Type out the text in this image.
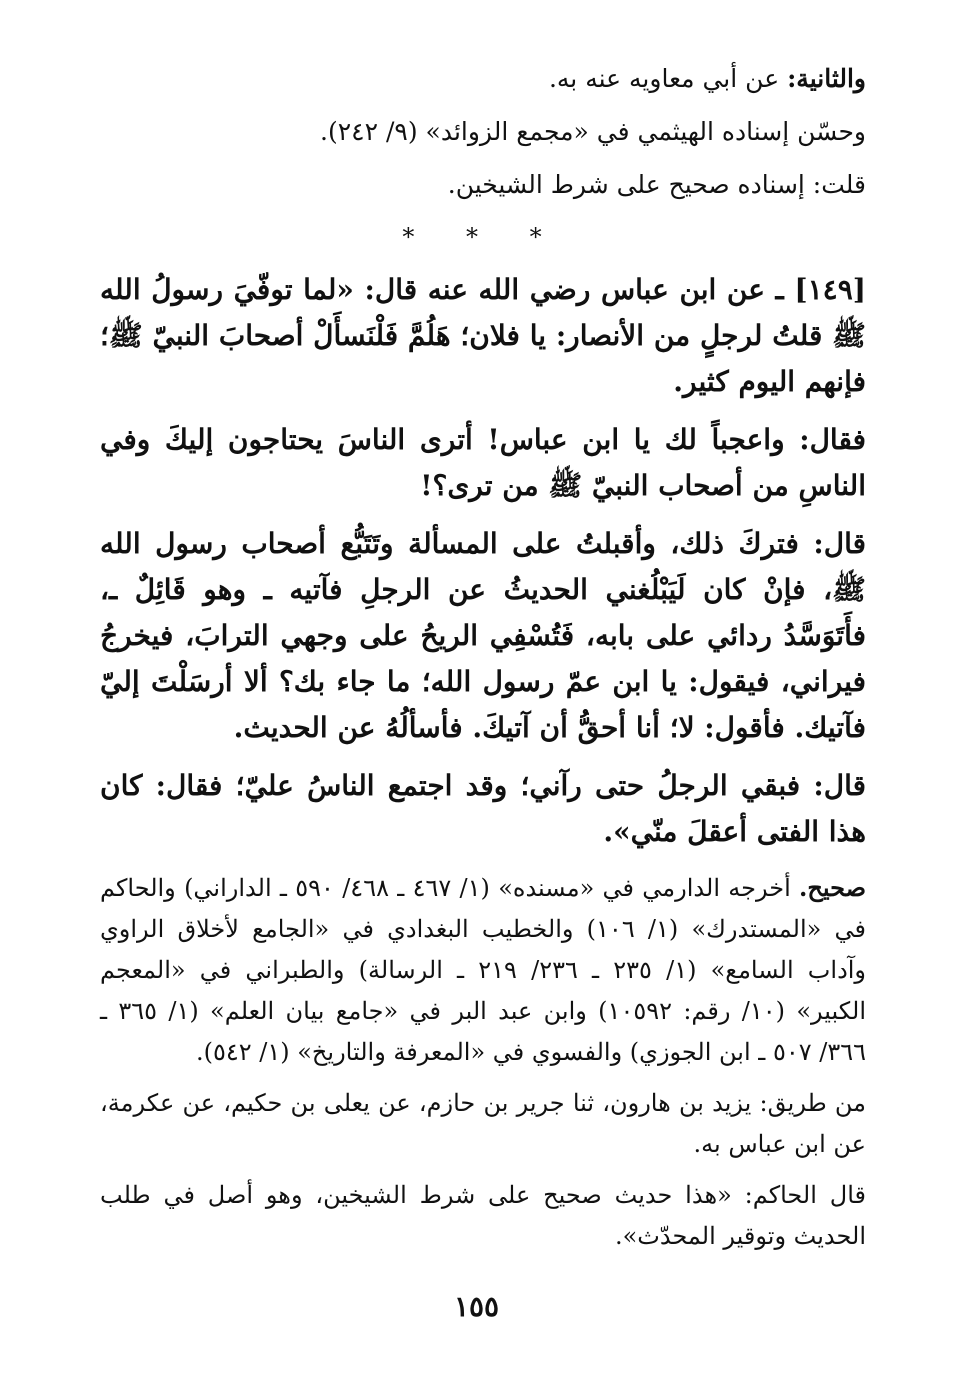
والثانية: عن أبي معاويه عنه به.

وحسّن إسناده الهيثمي في «مجمع الزوائد» (٩/ ٢٤٢).

قلت: إسناده صحيح على شرط الشيخين.

* * *

[١٤٩] ـ عن ابن عباس رضي الله عنه قال: «لما توفّيَ رسولُ الله ﷺ قلتُ لرجلٍ من الأنصار: يا فلان؛ هَلُمَّ فَلْنَسأَلْ أصحابَ النبيّ ﷺ؛ فإنهم اليوم كثير.

فقال: واعجباً لك يا ابن عباس! أترى الناسَ يحتاجون إليكَ وفي الناسِ من أصحاب النبيّ ﷺ من ترى؟!

قال: فتركَ ذلك، وأقبلتُ على المسألة وتَتَبُّع أصحاب رسول الله ﷺ، فإنْ كان لَيَبْلُغني الحديثُ عن الرجلِ فآتيه ـ وهو قَائِلٌ ـ، فأَتَوَسَّدُ ردائي على بابه، فَتُسْفِي الريحُ على وجهي الترابَ، فيخرجُ فيراني، فيقول: يا ابن عمّ رسول الله؛ ما جاء بك؟ ألا أرسَلْتَ إليّ فآتيك. فأقول: لا؛ أنا أحقُّ أن آتيكَ. فأسألُهُ عن الحديث.

قال: فبقي الرجلُ حتى رآني؛ وقد اجتمع الناسُ عليّ؛ فقال: كان هذا الفتى أعقلَ منّي».

صحيح. أخرجه الدارمي في «مسنده» (١/ ٤٦٧ ـ ٤٦٨/ ٥٩٠ ـ الداراني) والحاكم في «المستدرك» (١/ ١٠٦) والخطيب البغدادي في «الجامع لأخلاق الراوي وآداب السامع» (١/ ٢٣٥ ـ ٢٣٦/ ٢١٩ ـ الرسالة) والطبراني في «المعجم الكبير» (١٠/ رقم: ١٠٥٩٢) وابن عبد البر في «جامع بيان العلم» (١/ ٣٦٥ ـ ٣٦٦/ ٥٠٧ ـ ابن الجوزي) والفسوي في «المعرفة والتاريخ» (١/ ٥٤٢).

من طريق: يزيد بن هارون، ثنا جرير بن حازم، عن يعلى بن حكيم، عن عكرمة، عن ابن عباس به.

قال الحاكم: «هذا حديث صحيح على شرط الشيخين، وهو أصل في طلب الحديث وتوقير المحدّث».

١٥٥
